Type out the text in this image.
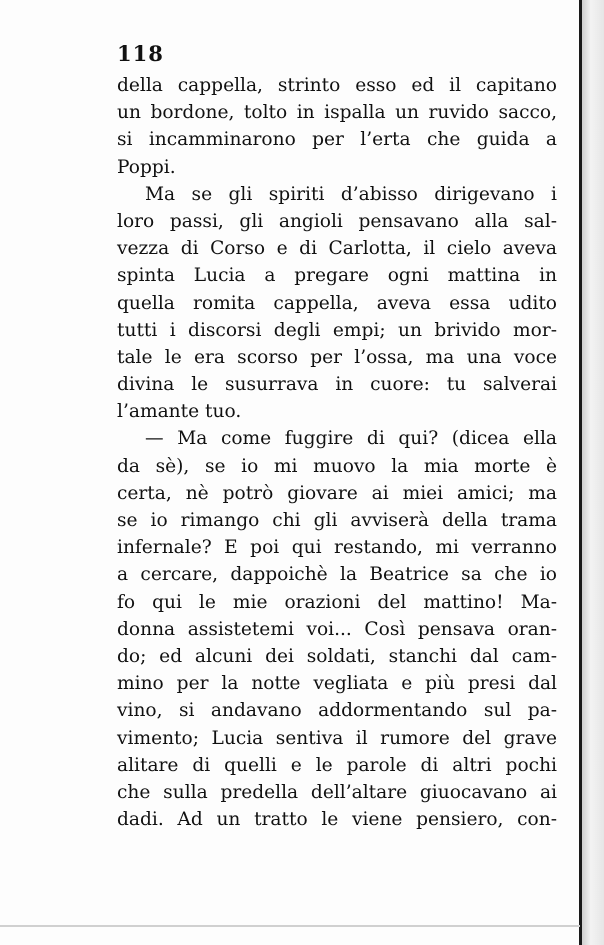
118
della cappella, strinto esso ed il capitano
un bordone, tolto in ispalla un ruvido sacco,
si incamminarono per l’erta che guida a
Poppi.
Ma se gli spiriti d’abisso dirigevano i
loro passi, gli angioli pensavano alla sal-
vezza di Corso e di Carlotta, il cielo aveva
spinta Lucia a pregare ogni mattina in
quella romita cappella, aveva essa udito
tutti i discorsi degli empi; un brivido mor-
tale le era scorso per l’ossa, ma una voce
divina le susurrava in cuore: tu salverai
l’amante tuo.
— Ma come fuggire di qui? (dicea ella
da sè), se io mi muovo la mia morte è
certa, nè potrò giovare ai miei amici; ma
se io rimango chi gli avviserà della trama
infernale? E poi qui restando, mi verranno
a cercare, dappoichè la Beatrice sa che io
fo qui le mie orazioni del mattino! Ma-
donna assistetemi voi... Così pensava oran-
do; ed alcuni dei soldati, stanchi dal cam-
mino per la notte vegliata e più presi dal
vino, si andavano addormentando sul pa-
vimento; Lucia sentiva il rumore del grave
alitare di quelli e le parole di altri pochi
che sulla predella dell’altare giuocavano ai
dadi. Ad un tratto le viene pensiero, con-
